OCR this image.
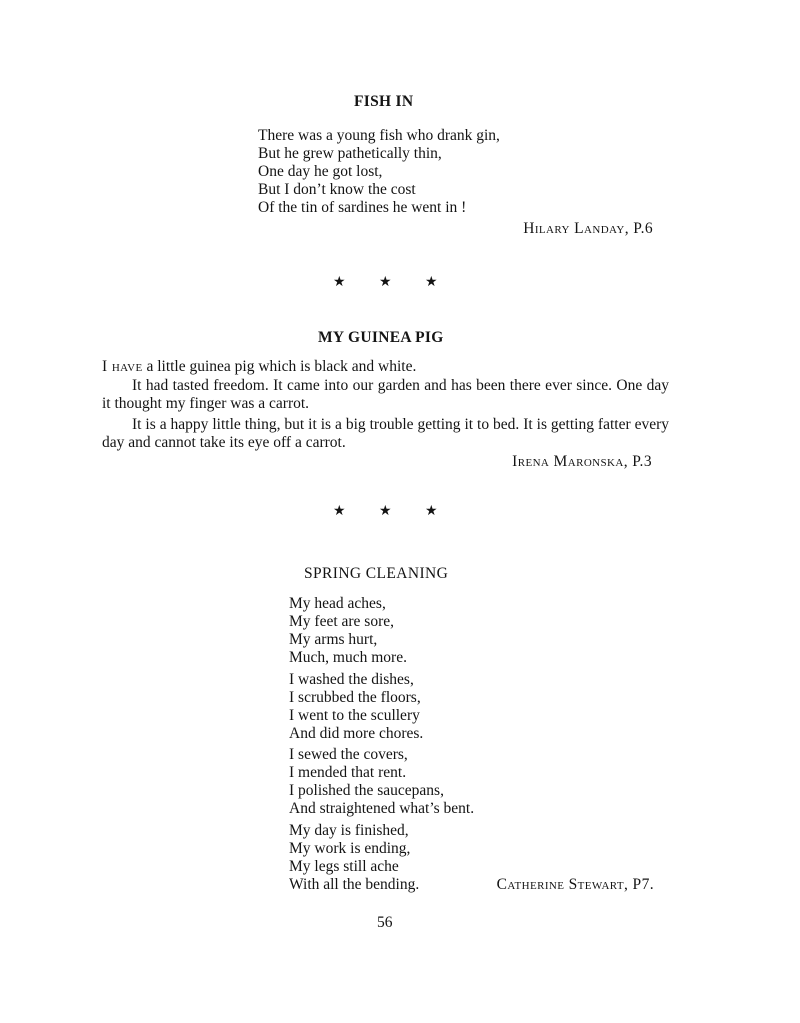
FISH IN
There was a young fish who drank gin,
But he grew pathetically thin,
One day he got lost,
But I don’t know the cost
Of the tin of sardines he went in !
Hilary Landay, P.6
★ ★ ★
MY GUINEA PIG
I have a little guinea pig which is black and white.
It had tasted freedom. It came into our garden and has been there ever since. One day it thought my finger was a carrot.
It is a happy little thing, but it is a big trouble getting it to bed. It is getting fatter every day and cannot take its eye off a carrot.
Irena Maronska, P.3
★ ★ ★
SPRING CLEANING
My head aches,
My feet are sore,
My arms hurt,
Much, much more.
I washed the dishes,
I scrubbed the floors,
I went to the scullery
And did more chores.
I sewed the covers,
I mended that rent.
I polished the saucepans,
And straightened what’s bent.
My day is finished,
My work is ending,
My legs still ache
With all the bending.	Catherine Stewart, P7.
56
